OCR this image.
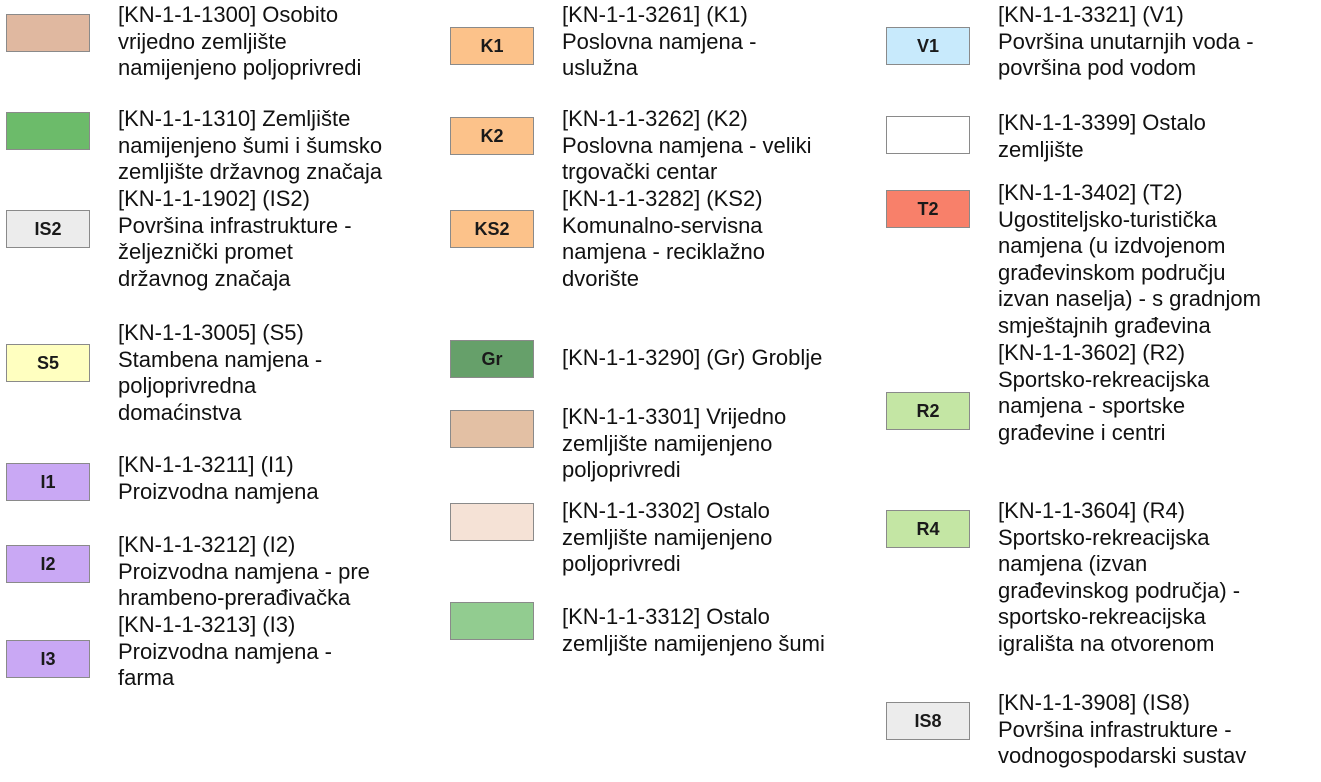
[KN-1-1-1300] Osobito
vrijedno zemljište
namijenjeno poljoprivredi
[KN-1-1-1310] Zemljište
namijenjeno šumi i šumsko
zemljište državnog značaja
IS2
[KN-1-1-1902] (IS2)
Površina infrastrukture -
željeznički promet
državnog značaja
S5
[KN-1-1-3005] (S5)
Stambena namjena -
poljoprivredna
domaćinstva
I1
[KN-1-1-3211] (I1)
Proizvodna namjena
I2
[KN-1-1-3212] (I2)
Proizvodna namjena - pre
hrambeno-prerađivačka
I3
[KN-1-1-3213] (I3)
Proizvodna namjena -
farma
K1
[KN-1-1-3261] (K1)
Poslovna namjena -
uslužna
K2
[KN-1-1-3262] (K2)
Poslovna namjena - veliki
trgovački centar
KS2
[KN-1-1-3282] (KS2)
Komunalno-servisna
namjena - reciklažno
dvorište
Gr	[KN-1-1-3290] (Gr) Groblje
[KN-1-1-3301] Vrijedno
zemljište namijenjeno
poljoprivredi
[KN-1-1-3302] Ostalo
zemljište namijenjeno
poljoprivredi
[KN-1-1-3312] Ostalo
zemljište namijenjeno šumi
V1
[KN-1-1-3321] (V1)
Površina unutarnjih voda -
površina pod vodom
[KN-1-1-3399] Ostalo
zemljište
T2
[KN-1-1-3402] (T2)
Ugostiteljsko-turistička
namjena (u izdvojenom
građevinskom području
izvan naselja) - s gradnjom
smještajnih građevina
R2
[KN-1-1-3602] (R2)
Sportsko-rekreacijska
namjena - sportske
građevine i centri
R4
[KN-1-1-3604] (R4)
Sportsko-rekreacijska
namjena (izvan
građevinskog područja) -
sportsko-rekreacijska
igrališta na otvorenom
IS8
[KN-1-1-3908] (IS8)
Površina infrastrukture -
vodnogospodarski sustav
